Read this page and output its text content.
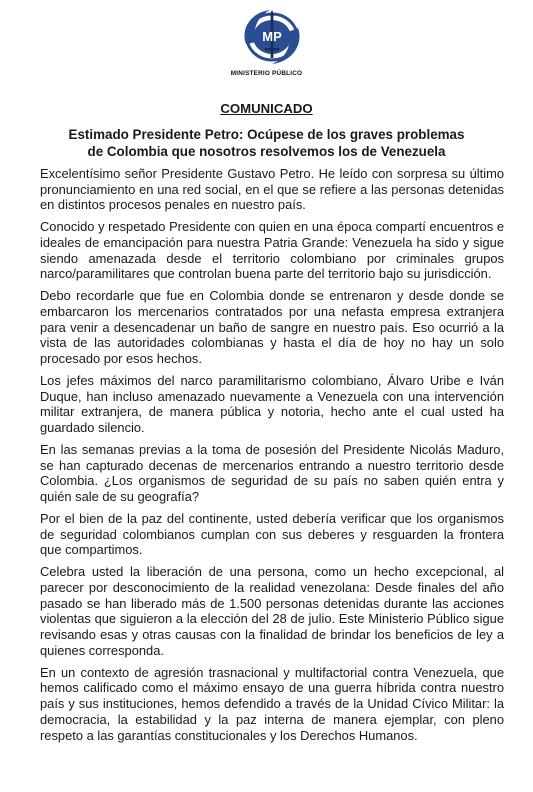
MP
MINISTERIO PÚBLICO
COMUNICADO
Estimado Presidente Petro: Ocúpese de los graves problemas
de Colombia que nosotros resolvemos los de Venezuela

Excelentísimo señor Presidente Gustavo Petro. He leído con sorpresa su último pronunciamiento en una red social, en el que se refiere a las personas detenidas en distintos procesos penales en nuestro país.

Conocido y respetado Presidente con quien en una época compartí encuentros e ideales de emancipación para nuestra Patria Grande: Venezuela ha sido y sigue siendo amenazada desde el territorio colombiano por criminales grupos narco/paramilitares que controlan buena parte del territorio bajo su jurisdicción.

Debo recordarle que fue en Colombia donde se entrenaron y desde donde se embarcaron los mercenarios contratados por una nefasta empresa extranjera para venir a desencadenar un baño de sangre en nuestro país. Eso ocurrió a la vista de las autoridades colombianas y hasta el día de hoy no hay un solo procesado por esos hechos.

Los jefes máximos del narco paramilitarismo colombiano, Álvaro Uribe e Iván Duque, han incluso amenazado nuevamente a Venezuela con una intervención militar extranjera, de manera pública y notoria, hecho ante el cual usted ha guardado silencio.

En las semanas previas a la toma de posesión del Presidente Nicolás Maduro, se han capturado decenas de mercenarios entrando a nuestro territorio desde Colombia. ¿Los organismos de seguridad de su país no saben quién entra y quién sale de su geografía?

Por el bien de la paz del continente, usted debería verificar que los organismos de seguridad colombianos cumplan con sus deberes y resguarden la frontera que compartimos.

Celebra usted la liberación de una persona, como un hecho excepcional, al parecer por desconocimiento de la realidad venezolana: Desde finales del año pasado se han liberado más de 1.500 personas detenidas durante las acciones violentas que siguieron a la elección del 28 de julio. Este Ministerio Público sigue revisando esas y otras causas con la finalidad de brindar los beneficios de ley a quienes corresponda.

En un contexto de agresión trasnacional y multifactorial contra Venezuela, que hemos calificado como el máximo ensayo de una guerra híbrida contra nuestro país y sus instituciones, hemos defendido a través de la Unidad Cívico Militar: la democracia, la estabilidad y la paz interna de manera ejemplar, con pleno respeto a las garantías constitucionales y los Derechos Humanos.
